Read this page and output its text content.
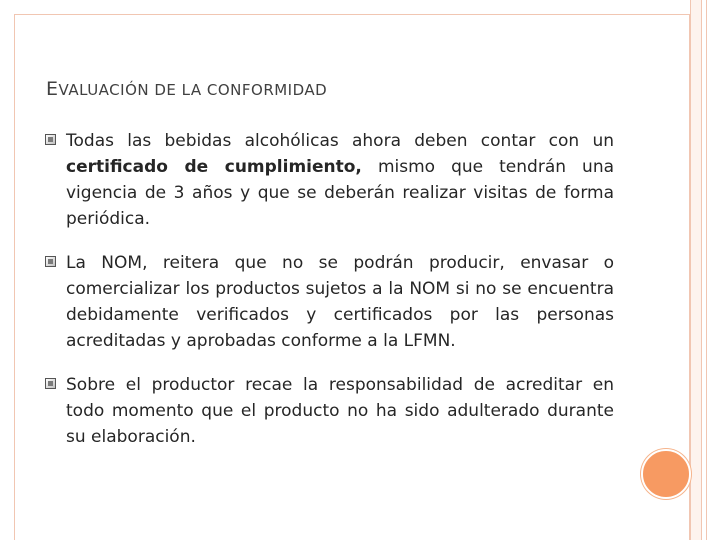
EVALUACIÓN DE LA CONFORMIDAD
Todas las bebidas alcohólicas ahora deben contar con un certificado de cumplimiento, mismo que tendrán una vigencia de 3 años y que se deberán realizar visitas de forma periódica.
La NOM, reitera que no se podrán producir, envasar o comercializar los productos sujetos a la NOM si no se encuentra debidamente verificados y certificados por las personas acreditadas y aprobadas conforme a la LFMN.
Sobre el productor recae la responsabilidad de acreditar en todo momento que el producto no ha sido adulterado durante su elaboración.
